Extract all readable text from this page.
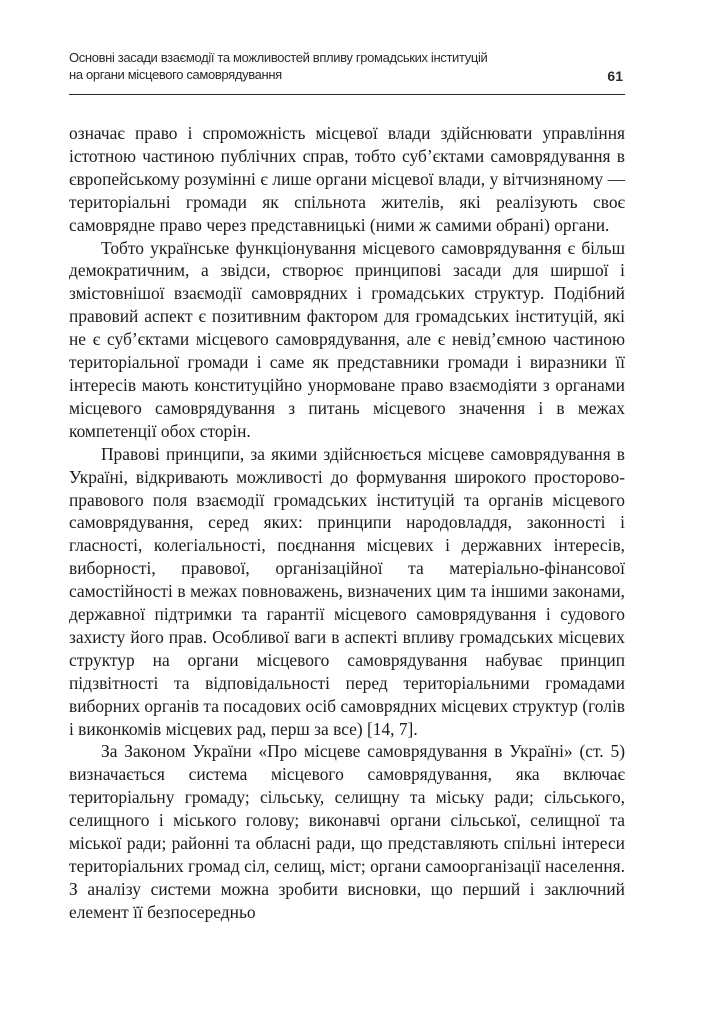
Основні засади взаємодії та можливостей впливу громадських інституцій
на органи місцевого самоврядування	61

означає право і спроможність місцевої влади здійснювати управління істотною частиною публічних справ, тобто суб’єктами самоврядування в європейському розумінні є лише органи місцевої влади, у вітчизняному — територіальні громади як спільнота жителів, які реалізують своє самоврядне право через представницькі (ними ж самими обрані) органи.

Тобто українське функціонування місцевого самоврядування є більш демократичним, а звідси, створює принципові засади для ширшої і змістовнішої взаємодії самоврядних і громадських структур. Подібний правовий аспект є позитивним фактором для громадських інституцій, які не є суб’єктами місцевого самоврядування, але є невід’ємною частиною територіальної громади і саме як представники громади і виразники її інтересів мають конституційно унормоване право взаємодіяти з органами місцевого самоврядування з питань місцевого значення і в межах компетенції обох сторін.

Правові принципи, за якими здійснюється місцеве самоврядування в Україні, відкривають можливості до формування широкого просторово-правового поля взаємодії громадських інституцій та органів місцевого самоврядування, серед яких: принципи народовладдя, законності і гласності, колегіальності, поєднання місцевих і державних інтересів, виборності, правової, організаційної та матеріально-фінансової самостійності в межах повноважень, визначених цим та іншими законами, державної підтримки та гарантії місцевого самоврядування і судового захисту його прав. Особливої ваги в аспекті впливу громадських місцевих структур на органи місцевого самоврядування набуває принцип підзвітності та відповідальності перед територіальними громадами виборних органів та посадових осіб самоврядних місцевих структур (голів і виконкомів місцевих рад, перш за все) [14, 7].

За Законом України «Про місцеве самоврядування в Україні» (ст. 5) визначається система місцевого самоврядування, яка включає територіальну громаду; сільську, селищну та міську ради; сільського, селищного і міського голову; виконавчі органи сільської, селищної та міської ради; районні та обласні ради, що представляють спільні інтереси територіальних громад сіл, селищ, міст; органи самоорганізації населення. З аналізу системи можна зробити висновки, що перший і заключний елемент її безпосередньо
